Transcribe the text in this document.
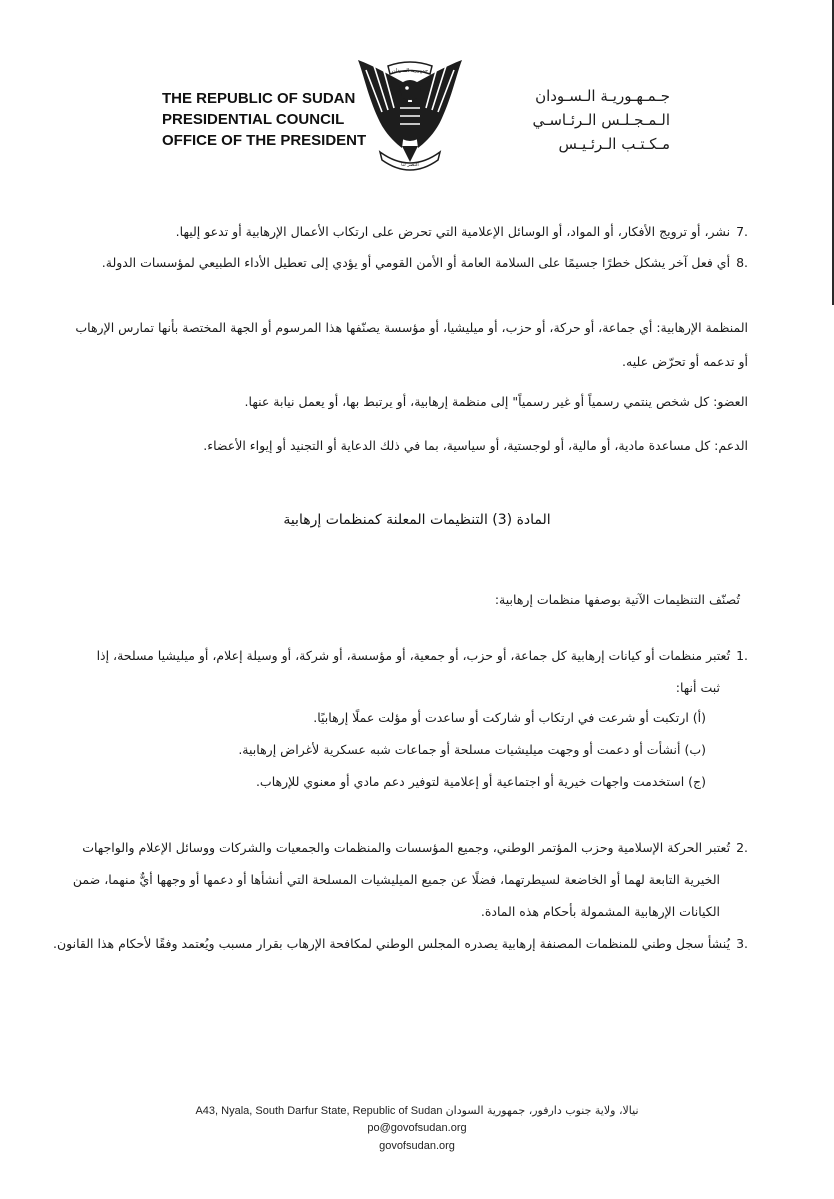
THE REPUBLIC OF SUDAN
PRESIDENTIAL COUNCIL
OFFICE OF THE PRESIDENT
جمهورية السودان
النصر لنا
جـمـهـوريـة الـسـودان
الـمـجـلـس الـرئـاسـي
مـكـتـب الـرئـيـس
7.نشر، أو ترويج الأفكار، أو المواد، أو الوسائل الإعلامية التي تحرض على ارتكاب الأعمال الإرهابية أو تدعو إليها.
8.أي فعل آخر يشكل خطرًا جسيمًا على السلامة العامة أو الأمن القومي أو يؤدي إلى تعطيل الأداء الطبيعي لمؤسسات الدولة.
المنظمة الإرهابية: أي جماعة، أو حركة، أو حزب، أو ميليشيا، أو مؤسسة يصنّفها هذا المرسوم أو الجهة المختصة بأنها تمارس الإرهاب
أو تدعمه أو تحرّض عليه.
العضو: كل شخص ينتمي رسمياً أو غير رسمياً" إلى منظمة إرهابية، أو يرتبط بها، أو يعمل نيابة عنها.
الدعم: كل مساعدة مادية، أو مالية، أو لوجستية، أو سياسية، بما في ذلك الدعاية أو التجنيد أو إيواء الأعضاء.
المادة (3) التنظيمات المعلنة كمنظمات إرهابية
تُصنّف التنظيمات الآتية بوصفها منظمات إرهابية:
1.تُعتبر منظمات أو كيانات إرهابية كل جماعة، أو حزب، أو جمعية، أو مؤسسة، أو شركة، أو وسيلة إعلام، أو ميليشيا مسلحة، إذا
ثبت أنها:
(أ) ارتكبت أو شرعت في ارتكاب أو شاركت أو ساعدت أو مؤلت عملًا إرهابيًا.
(ب) أنشأت أو دعمت أو وجهت ميليشيات مسلحة أو جماعات شبه عسكرية لأغراض إرهابية.
(ج) استخدمت واجهات خيرية أو اجتماعية أو إعلامية لتوفير دعم مادي أو معنوي للإرهاب.
2.تُعتبر الحركة الإسلامية وحزب المؤتمر الوطني، وجميع المؤسسات والمنظمات والجمعيات والشركات ووسائل الإعلام والواجهات
الخيرية التابعة لهما أو الخاضعة لسيطرتهما، فضلًا عن جميع الميليشيات المسلحة التي أنشأها أو دعمها أو وجهها أيٌّ منهما، ضمن
الكيانات الإرهابية المشمولة بأحكام هذه المادة.
3.يُنشأ سجل وطني للمنظمات المصنفة إرهابية يصدره المجلس الوطني لمكافحة الإرهاب بقرار مسبب ويُعتمد وفقًا لأحكام هذا القانون.
A43, Nyala, South Darfur State, Republic of Sudan نيالا، ولاية جنوب دارفور، جمهورية السودان
po@govofsudan.org
govofsudan.org
